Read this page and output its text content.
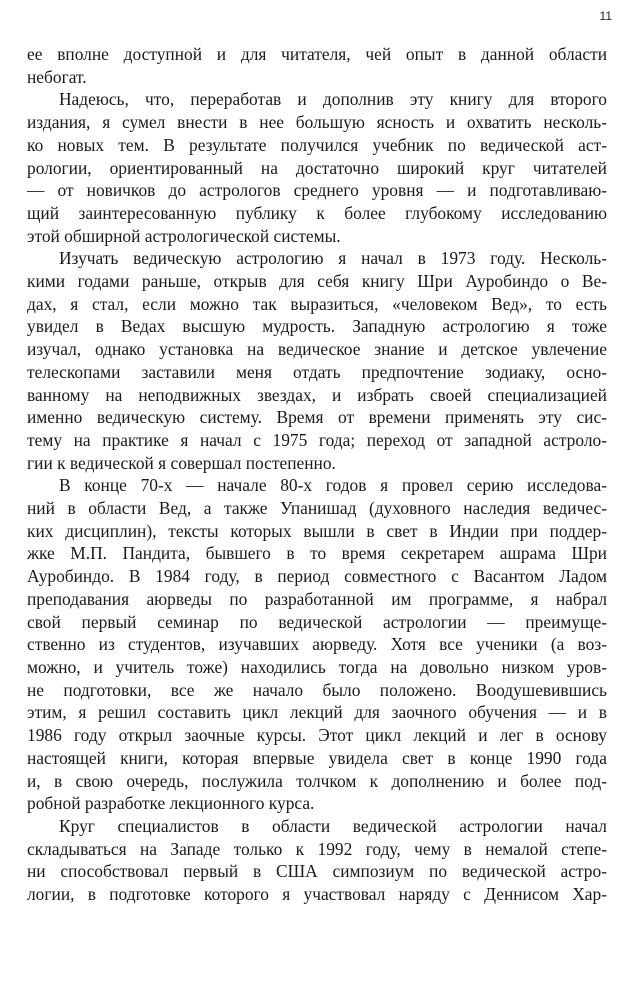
11
ее вполне доступной и для читателя, чей опыт в данной области
небогат.
Надеюсь, что, переработав и дополнив эту книгу для второго
издания, я сумел внести в нее большую ясность и охватить несколь-
ко новых тем. В результате получился учебник по ведической аст-
рологии, ориентированный на достаточно широкий круг читателей
— от новичков до астрологов среднего уровня — и подготавливаю-
щий заинтересованную публику к более глубокому исследованию
этой обширной астрологической системы.
Изучать ведическую астрологию я начал в 1973 году. Несколь-
кими годами раньше, открыв для себя книгу Шри Ауробиндо о Ве-
дах, я стал, если можно так выразиться, «человеком Вед», то есть
увидел в Ведах высшую мудрость. Западную астрологию я тоже
изучал, однако установка на ведическое знание и детское увлечение
телескопами заставили меня отдать предпочтение зодиаку, осно-
ванному на неподвижных звездах, и избрать своей специализацией
именно ведическую систему. Время от времени применять эту сис-
тему на практике я начал с 1975 года; переход от западной астроло-
гии к ведической я совершал постепенно.
В конце 70-х — начале 80-х годов я провел серию исследова-
ний в области Вед, а также Упанишад (духовного наследия ведичес-
ких дисциплин), тексты которых вышли в свет в Индии при поддер-
жке М.П. Пандита, бывшего в то время секретарем ашрама Шри
Ауробиндо. В 1984 году, в период совместного с Васантом Ладом
преподавания аюрведы по разработанной им программе, я набрал
свой первый семинар по ведической астрологии — преимуще-
ственно из студентов, изучавших аюрведу. Хотя все ученики (а воз-
можно, и учитель тоже) находились тогда на довольно низком уров-
не подготовки, все же начало было положено. Воодушевившись
этим, я решил составить цикл лекций для заочного обучения — и в
1986 году открыл заочные курсы. Этот цикл лекций и лег в основу
настоящей книги, которая впервые увидела свет в конце 1990 года
и, в свою очередь, послужила толчком к дополнению и более под-
робной разработке лекционного курса.
Круг специалистов в области ведической астрологии начал
складываться на Западе только к 1992 году, чему в немалой степе-
ни способствовал первый в США симпозиум по ведической астро-
логии, в подготовке которого я участвовал наряду с Деннисом Хар-
